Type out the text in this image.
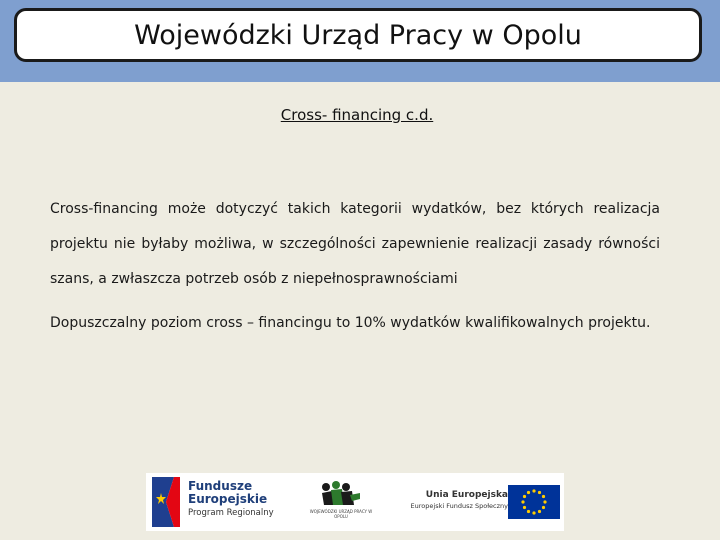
Wojewódzki Urząd Pracy w Opolu
Cross- financing c.d.
Cross-financing może dotyczyć takich kategorii wydatków, bez których realizacja projektu nie byłaby możliwa, w szczególności zapewnienie realizacji zasady równości szans, a zwłaszcza potrzeb osób z niepełnosprawnościami
Dopuszczalny poziom cross – financingu to 10% wydatków kwalifikowalnych projektu.
Fundusze
Europejskie
Program Regionalny	WOJEWÓDZKI URZĄD PRACY W OPOLU
Unia Europejska
Europejski Fundusz Społeczny
